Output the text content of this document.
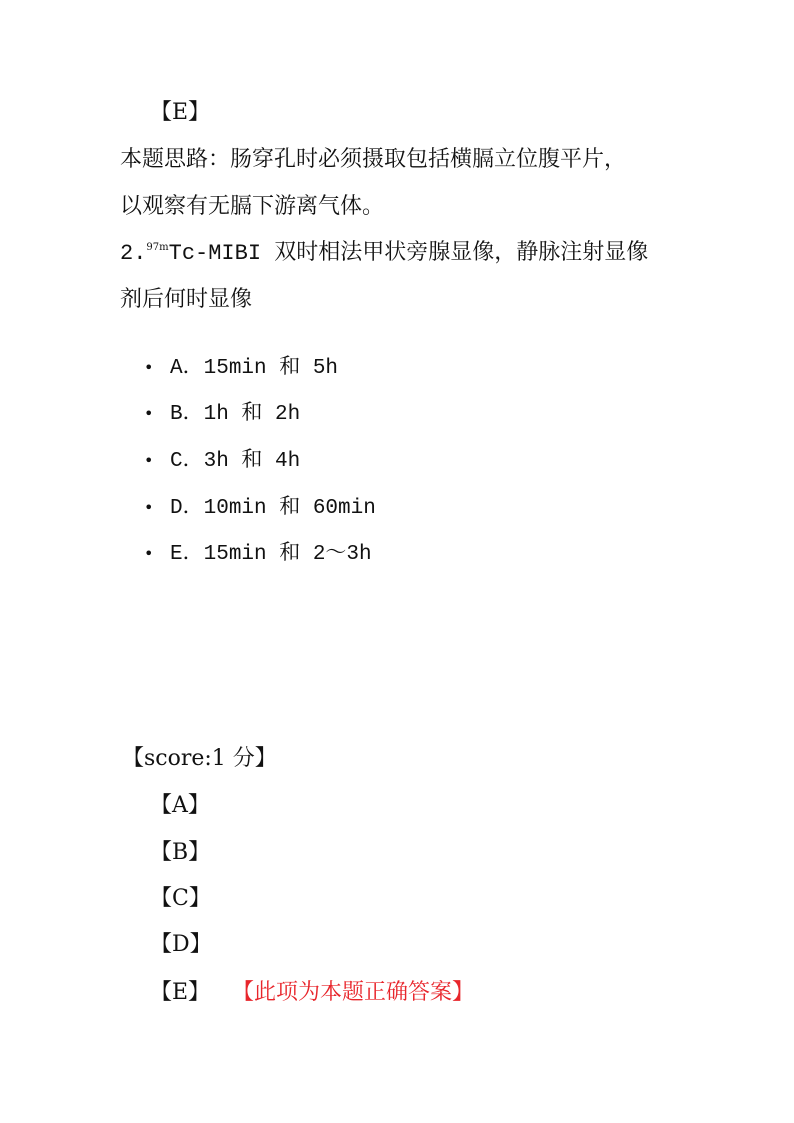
【E】
本题思路：肠穿孔时必须摄取包括横膈立位腹平片，
以观察有无膈下游离气体。
2.$^{97m}$Tc-MIBI 双时相法甲状旁腺显像，静脉注射显像
剂后何时显像
• A．15min 和 5h
• B．1h 和 2h
• C．3h 和 4h
• D．10min 和 60min
• E．15min 和 2～3h
【score:1 分】
【A】
【B】
【C】
【D】
【E】 【此项为本题正确答案】
